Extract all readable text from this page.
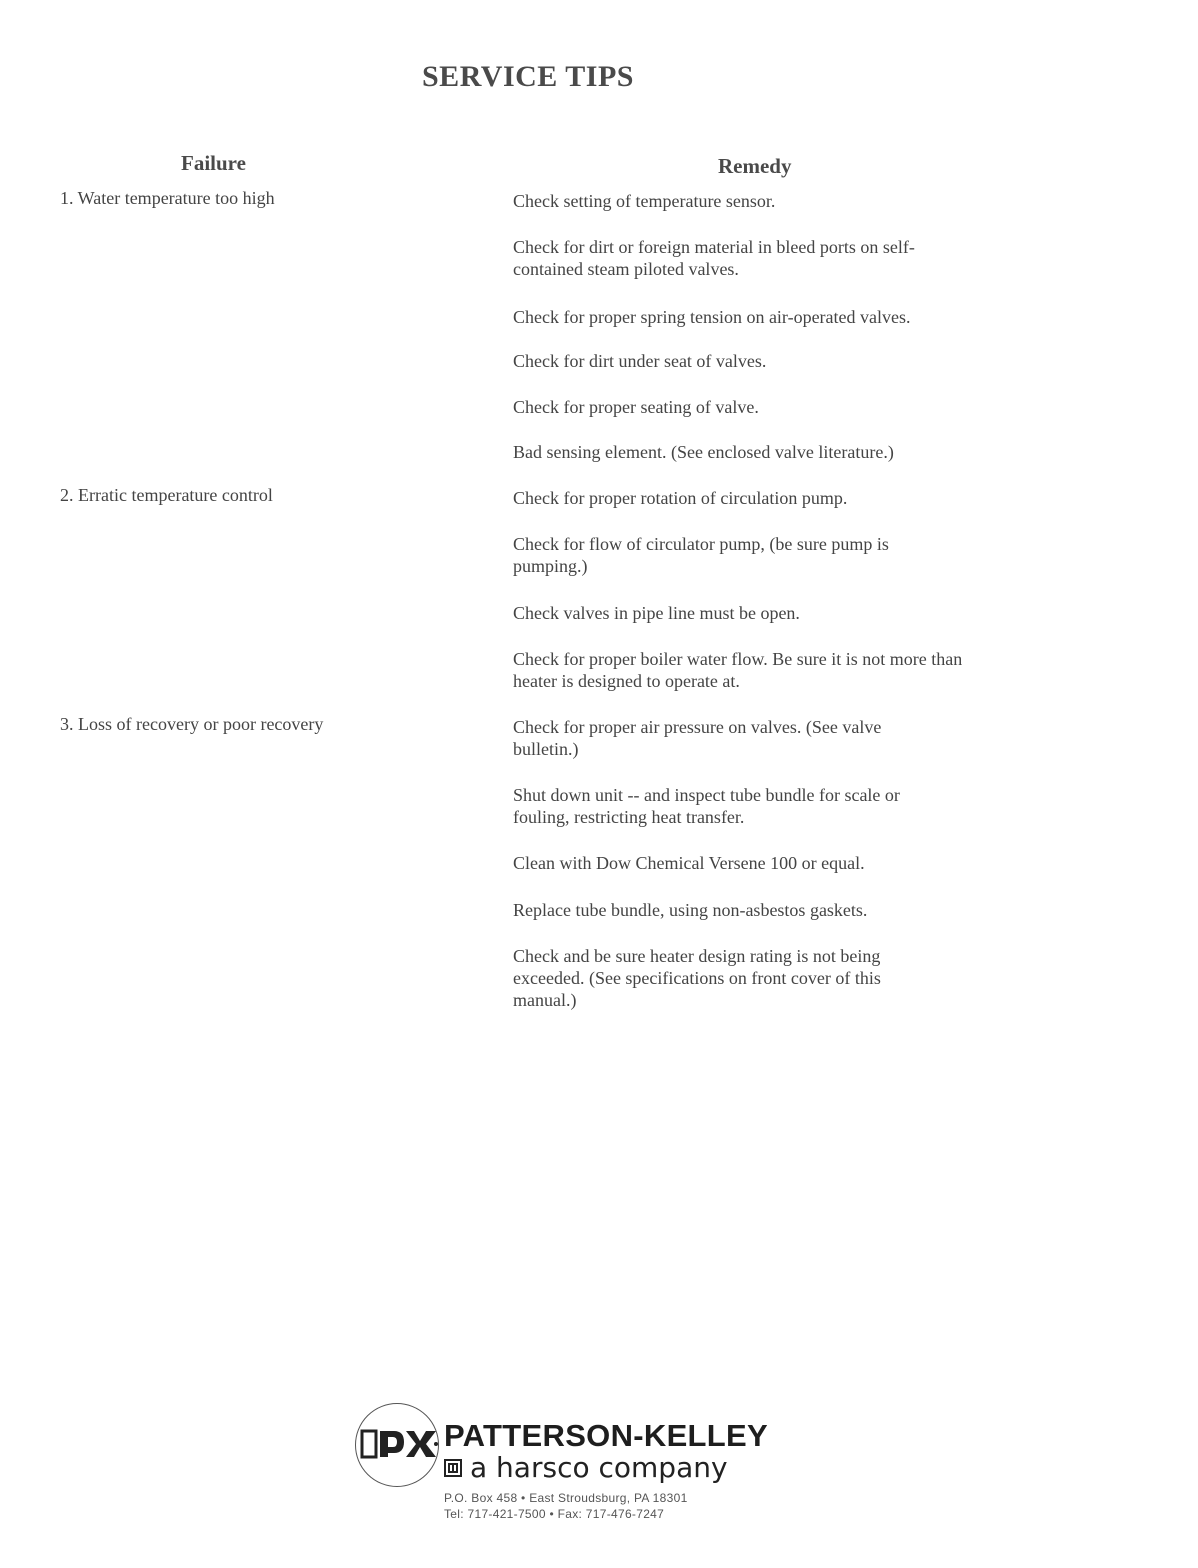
SERVICE TIPS
Failure	Remedy
1. Water temperature too high
2. Erratic temperature control
3. Loss of recovery or poor recovery
Check setting of temperature sensor.
Check for dirt or foreign material in bleed ports on self-contained steam piloted valves.
Check for proper spring tension on air-operated valves.
Check for dirt under seat of valves.
Check for proper seating of valve.
Bad sensing element. (See enclosed valve literature.)
Check for proper rotation of circulation pump.
Check for flow of circulator pump, (be sure pump is pumping.)
Check valves in pipe line must be open.
Check for proper boiler water flow. Be sure it is not more than heater is designed to operate at.
Check for proper air pressure on valves. (See valve bulletin.)
Shut down unit -- and inspect tube bundle for scale or fouling, restricting heat transfer.
Clean with Dow Chemical Versene 100 or equal.
Replace tube bundle, using non-asbestos gaskets.
Check and be sure heater design rating is not being exceeded. (See specifications on front cover of this manual.)
PATTERSON-KELLEY
a harsco company
P.O. Box 458 • East Stroudsburg, PA 18301
Tel: 717-421-7500 • Fax: 717-476-7247
